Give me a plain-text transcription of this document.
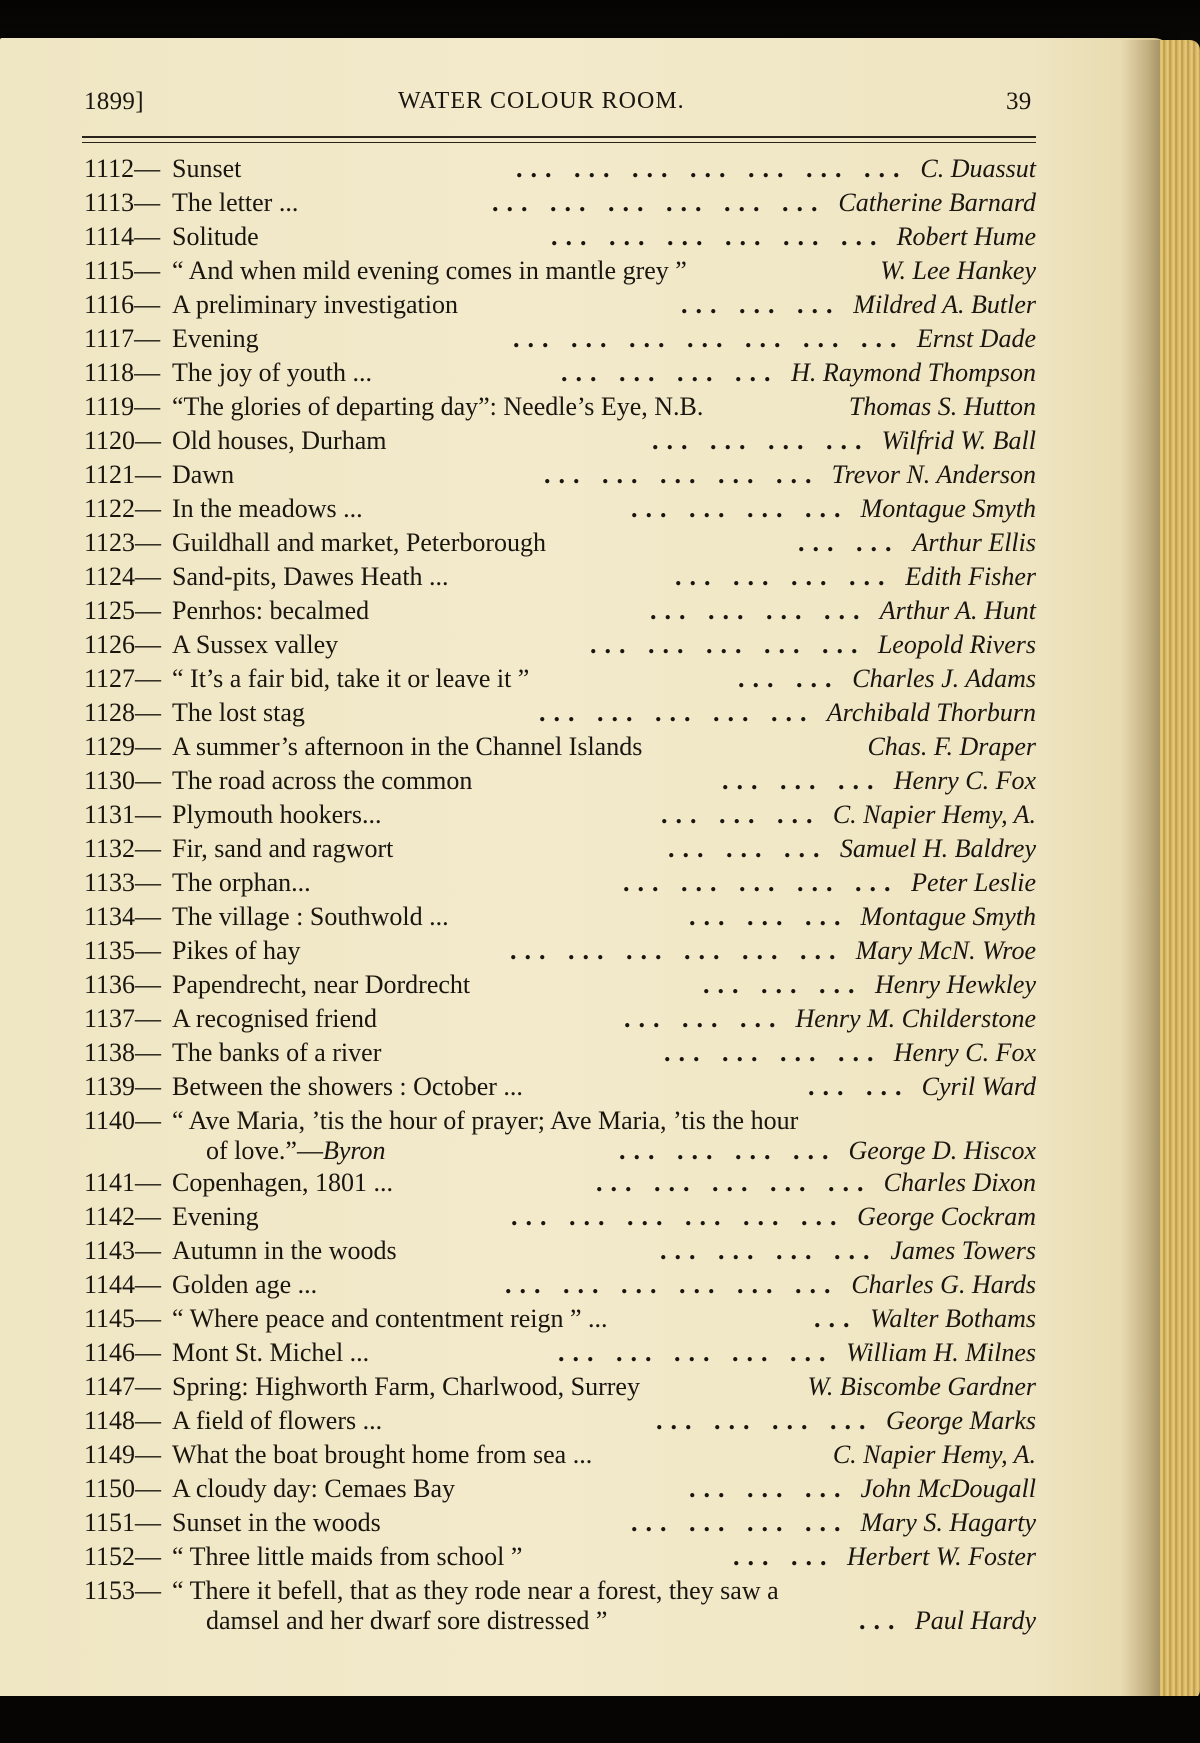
1899]	WATER COLOUR ROOM.	39
1112— Sunset	C. Duassut
... ... ... ... ... ... ...
1113— The letter ...	Catherine Barnard
... ... ... ... ... ...
1114— Solitude	Robert Hume
... ... ... ... ... ...
1115— “ And when mild evening comes in mantle grey ”	W. Lee Hankey
1116— A preliminary investigation	Mildred A. Butler
... ... ...
1117— Evening	Ernst Dade
... ... ... ... ... ... ...
1118— The joy of youth ...	H. Raymond Thompson
... ... ... ...
1119— “The glories of departing day”: Needle’s Eye, N.B.	Thomas S. Hutton
1120— Old houses, Durham	Wilfrid W. Ball
... ... ... ...
1121— Dawn	Trevor N. Anderson
... ... ... ... ...
1122— In the meadows ...	Montague Smyth
... ... ... ...
1123— Guildhall and market, Peterborough	Arthur Ellis
... ...
1124— Sand-pits, Dawes Heath ...	Edith Fisher
... ... ... ...
1125— Penrhos: becalmed	Arthur A. Hunt
... ... ... ...
1126— A Sussex valley	Leopold Rivers
... ... ... ... ...
1127— “ It’s a fair bid, take it or leave it ”	Charles J. Adams
... ...
1128— The lost stag	Archibald Thorburn
... ... ... ... ...
1129— A summer’s afternoon in the Channel Islands	Chas. F. Draper
1130— The road across the common	Henry C. Fox
... ... ...
1131— Plymouth hookers...	C. Napier Hemy, A.
... ... ...
1132— Fir, sand and ragwort	Samuel H. Baldrey
... ... ...
1133— The orphan...	Peter Leslie
... ... ... ... ...
1134— The village : Southwold ...	Montague Smyth
... ... ...
1135— Pikes of hay	Mary McN. Wroe
... ... ... ... ... ...
1136— Papendrecht, near Dordrecht	Henry Hewkley
... ... ...
1137— A recognised friend	Henry M. Childerstone
... ... ...
1138— The banks of a river	Henry C. Fox
... ... ... ...
1139— Between the showers : October ...	Cyril Ward
... ...
1140— “ Ave Maria, ’tis the hour of prayer; Ave Maria, ’tis the hour
of love.”—Byron	George D. Hiscox
... ... ... ...
1141— Copenhagen, 1801 ...	Charles Dixon
... ... ... ... ...
1142— Evening	George Cockram
... ... ... ... ... ...
1143— Autumn in the woods	James Towers
... ... ... ...
1144— Golden age ...	Charles G. Hards
... ... ... ... ... ...
1145— “ Where peace and contentment reign ” ...	Walter Bothams
...
1146— Mont St. Michel ...	William H. Milnes
... ... ... ... ...
1147— Spring: Highworth Farm, Charlwood, Surrey	W. Biscombe Gardner
1148— A field of flowers ...	George Marks
... ... ... ...
1149— What the boat brought home from sea ...	C. Napier Hemy, A.
1150— A cloudy day: Cemaes Bay	John McDougall
... ... ...
1151— Sunset in the woods	Mary S. Hagarty
... ... ... ...
1152— “ Three little maids from school ”	Herbert W. Foster
... ...
1153— “ There it befell, that as they rode near a forest, they saw a
damsel and her dwarf sore distressed ”	Paul Hardy
...
